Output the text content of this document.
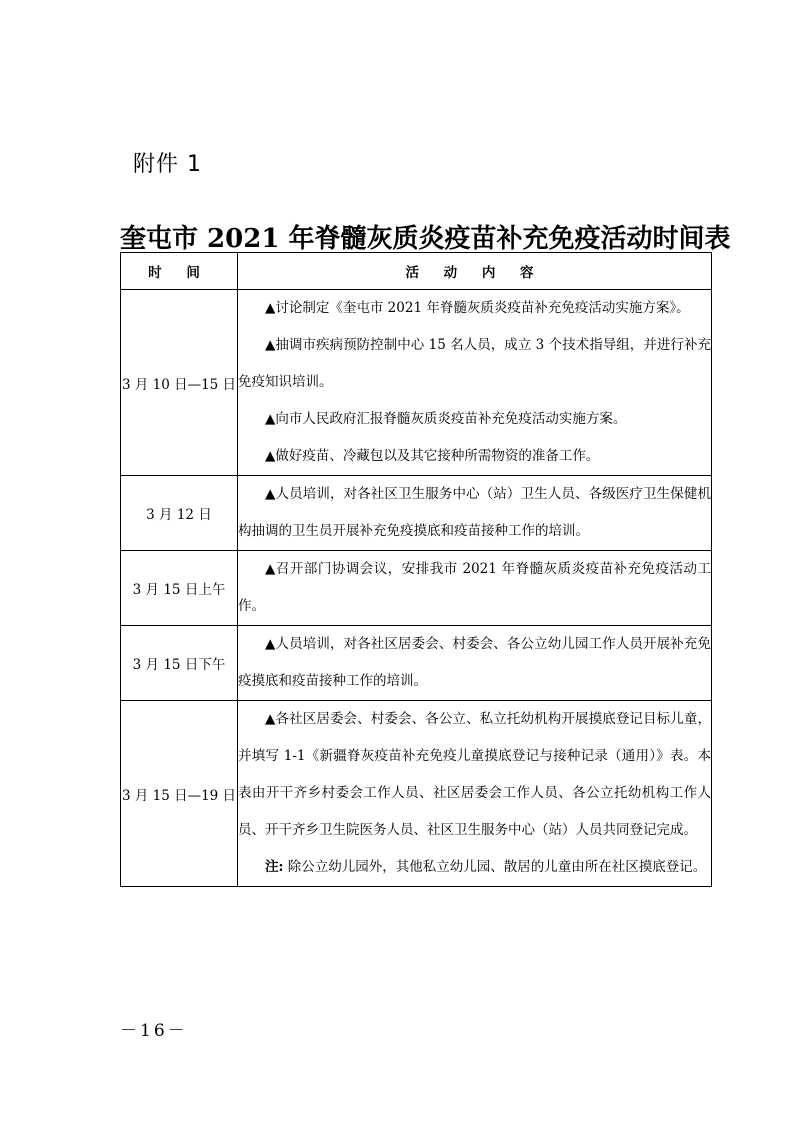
附件 1
奎屯市 2021 年脊髓灰质炎疫苗补充免疫活动时间表
时 间	活 动 内 容
3 月 10 日—15 日	▲讨论制定《奎屯市 2021 年脊髓灰质炎疫苗补充免疫活动实施方案》。

▲抽调市疾病预防控制中心 15 名人员，成立 3 个技术指导组，并进行补充免疫知识培训。

▲向市人民政府汇报脊髓灰质炎疫苗补充免疫活动实施方案。

▲做好疫苗、冷藏包以及其它接种所需物资的准备工作。

3 月 12 日	▲人员培训，对各社区卫生服务中心（站）卫生人员、各级医疗卫生保健机构抽调的卫生员开展补充免疫摸底和疫苗接种工作的培训。

3 月 15 日上午	▲召开部门协调会议，安排我市 2021 年脊髓灰质炎疫苗补充免疫活动工作。

3 月 15 日下午	▲人员培训，对各社区居委会、村委会、各公立幼儿园工作人员开展补充免疫摸底和疫苗接种工作的培训。

3 月 15 日—19 日	▲各社区居委会、村委会、各公立、私立托幼机构开展摸底登记目标儿童，并填写 1-1《新疆脊灰疫苗补充免疫儿童摸底登记与接种记录（通用）》表。本表由开干齐乡村委会工作人员、社区居委会工作人员、各公立托幼机构工作人员、开干齐乡卫生院医务人员、社区卫生服务中心（站）人员共同登记完成。

注: 除公立幼儿园外，其他私立幼儿园、散居的儿童由所在社区摸底登记。

－16－
